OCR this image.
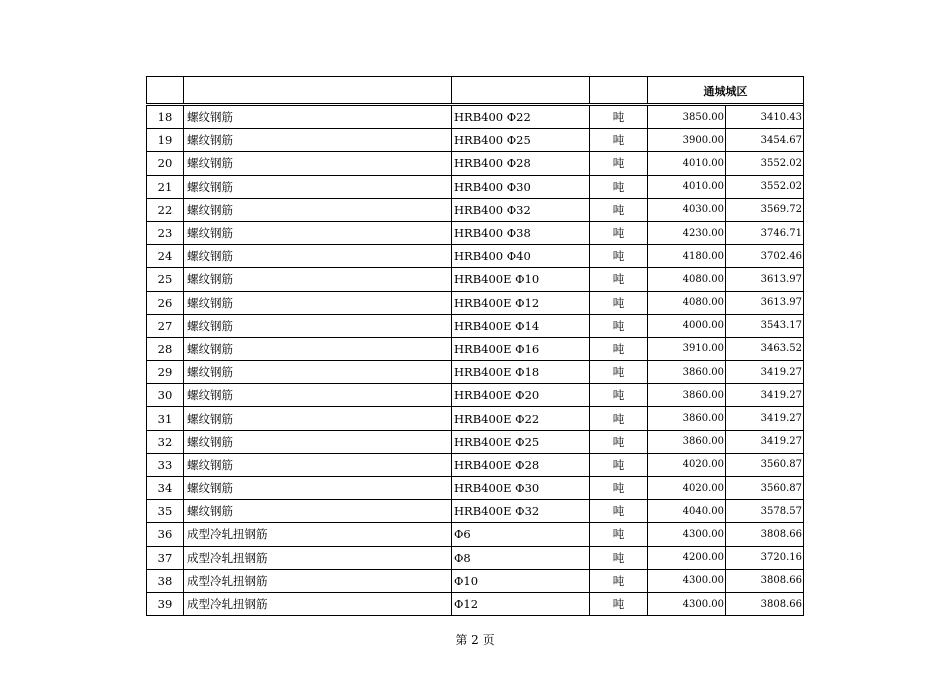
				通城城区
18	螺纹钢筋	HRB400 Φ22	吨	3850.00	3410.43
19	螺纹钢筋	HRB400 Φ25	吨	3900.00	3454.67
20	螺纹钢筋	HRB400 Φ28	吨	4010.00	3552.02
21	螺纹钢筋	HRB400 Φ30	吨	4010.00	3552.02
22	螺纹钢筋	HRB400 Φ32	吨	4030.00	3569.72
23	螺纹钢筋	HRB400 Φ38	吨	4230.00	3746.71
24	螺纹钢筋	HRB400 Φ40	吨	4180.00	3702.46
25	螺纹钢筋	HRB400E Φ10	吨	4080.00	3613.97
26	螺纹钢筋	HRB400E Φ12	吨	4080.00	3613.97
27	螺纹钢筋	HRB400E Φ14	吨	4000.00	3543.17
28	螺纹钢筋	HRB400E Φ16	吨	3910.00	3463.52
29	螺纹钢筋	HRB400E Φ18	吨	3860.00	3419.27
30	螺纹钢筋	HRB400E Φ20	吨	3860.00	3419.27
31	螺纹钢筋	HRB400E Φ22	吨	3860.00	3419.27
32	螺纹钢筋	HRB400E Φ25	吨	3860.00	3419.27
33	螺纹钢筋	HRB400E Φ28	吨	4020.00	3560.87
34	螺纹钢筋	HRB400E Φ30	吨	4020.00	3560.87
35	螺纹钢筋	HRB400E Φ32	吨	4040.00	3578.57
36	成型冷轧扭钢筋	Φ6	吨	4300.00	3808.66
37	成型冷轧扭钢筋	Φ8	吨	4200.00	3720.16
38	成型冷轧扭钢筋	Φ10	吨	4300.00	3808.66
39	成型冷轧扭钢筋	Φ12	吨	4300.00	3808.66
第 2 页
